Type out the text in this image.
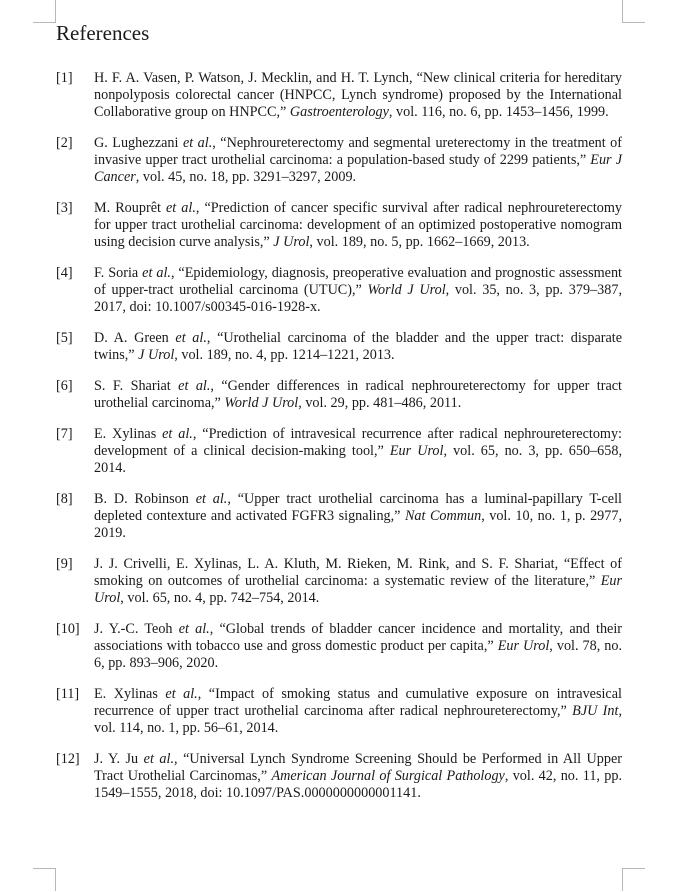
References
[1]	H. F. A. Vasen, P. Watson, J. Mecklin, and H. T. Lynch, “New clinical criteria for hereditary nonpolyposis colorectal cancer (HNPCC, Lynch syndrome) proposed by the International Collaborative group on HNPCC,” Gastroenterology, vol. 116, no. 6, pp. 1453–1456, 1999.
[2]	G. Lughezzani et al., “Nephroureterectomy and segmental ureterectomy in the treatment of invasive upper tract urothelial carcinoma: a population-based study of 2299 patients,” Eur J Cancer, vol. 45, no. 18, pp. 3291–3297, 2009.
[3]	M. Rouprêt et al., “Prediction of cancer specific survival after radical nephroureterectomy for upper tract urothelial carcinoma: development of an optimized postoperative nomogram using decision curve analysis,” J Urol, vol. 189, no. 5, pp. 1662–1669, 2013.
[4]	F. Soria et al., “Epidemiology, diagnosis, preoperative evaluation and prognostic assessment of upper-tract urothelial carcinoma (UTUC),” World J Urol, vol. 35, no. 3, pp. 379–387, 2017, doi: 10.1007/s00345-016-1928-x.
[5]	D. A. Green et al., “Urothelial carcinoma of the bladder and the upper tract: disparate twins,” J Urol, vol. 189, no. 4, pp. 1214–1221, 2013.
[6]	S. F. Shariat et al., “Gender differences in radical nephroureterectomy for upper tract urothelial carcinoma,” World J Urol, vol. 29, pp. 481–486, 2011.
[7]	E. Xylinas et al., “Prediction of intravesical recurrence after radical nephroureterectomy: development of a clinical decision-making tool,” Eur Urol, vol. 65, no. 3, pp. 650–658, 2014.
[8]	B. D. Robinson et al., “Upper tract urothelial carcinoma has a luminal-papillary T-cell depleted contexture and activated FGFR3 signaling,” Nat Commun, vol. 10, no. 1, p. 2977, 2019.
[9]	J. J. Crivelli, E. Xylinas, L. A. Kluth, M. Rieken, M. Rink, and S. F. Shariat, “Effect of smoking on outcomes of urothelial carcinoma: a systematic review of the literature,” Eur Urol, vol. 65, no. 4, pp. 742–754, 2014.
[10]	J. Y.-C. Teoh et al., “Global trends of bladder cancer incidence and mortality, and their associations with tobacco use and gross domestic product per capita,” Eur Urol, vol. 78, no. 6, pp. 893–906, 2020.
[11]	E. Xylinas et al., “Impact of smoking status and cumulative exposure on intravesical recurrence of upper tract urothelial carcinoma after radical nephroureterectomy,” BJU Int, vol. 114, no. 1, pp. 56–61, 2014.
[12]	J. Y. Ju et al., “Universal Lynch Syndrome Screening Should be Performed in All Upper Tract Urothelial Carcinomas,” American Journal of Surgical Pathology, vol. 42, no. 11, pp. 1549–1555, 2018, doi: 10.1097/PAS.0000000000001141.
